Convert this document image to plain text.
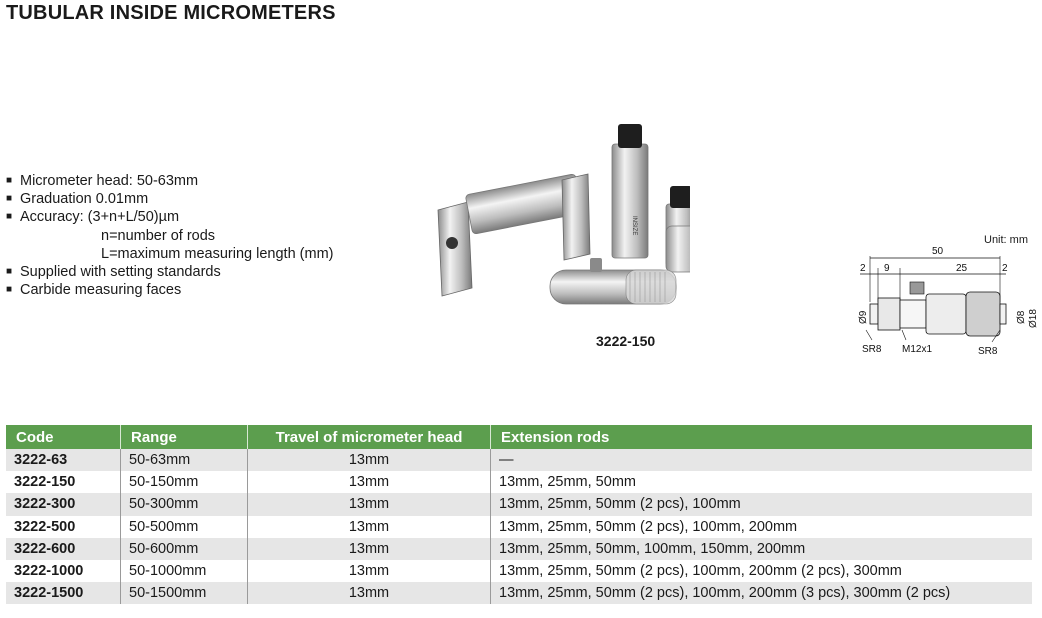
TUBULAR INSIDE MICROMETERS
■ Micrometer head: 50-63mm
■ Graduation 0.01mm
■ Accuracy: (3+n+L/50)µm
n=number of rods
L=maximum measuring length (mm)
■ Supplied with setting standards
■ Carbide measuring faces
INSIZE
3222-150
Unit: mm
50
2 9	25	2
Ø9	Ø8 Ø18
SR8 M12x1	SR8
Code	Range	Travel of micrometer head	Extension rods
3222-63	50-63mm	13mm	—
3222-150	50-150mm	13mm	13mm, 25mm, 50mm
3222-300	50-300mm	13mm	13mm, 25mm, 50mm (2 pcs), 100mm
3222-500	50-500mm	13mm	13mm, 25mm, 50mm (2 pcs), 100mm, 200mm
3222-600	50-600mm	13mm	13mm, 25mm, 50mm, 100mm, 150mm, 200mm
3222-1000	50-1000mm	13mm	13mm, 25mm, 50mm (2 pcs), 100mm, 200mm (2 pcs), 300mm
3222-1500	50-1500mm	13mm	13mm, 25mm, 50mm (2 pcs), 100mm, 200mm (3 pcs), 300mm (2 pcs)
